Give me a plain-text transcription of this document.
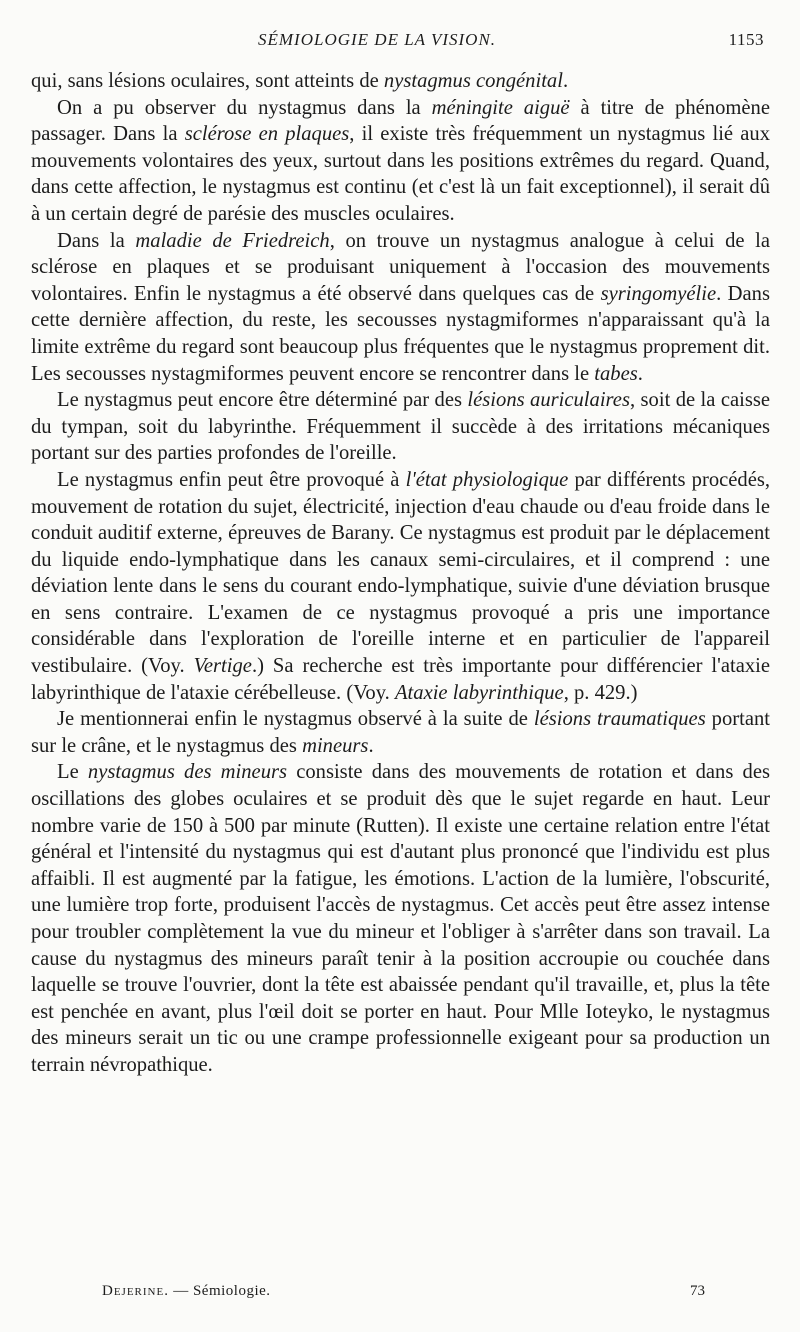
SÉMIOLOGIE DE LA VISION.	1153

qui, sans lésions oculaires, sont atteints de nystagmus congénital.

On a pu observer du nystagmus dans la méningite aiguë à titre de phénomène passager. Dans la sclérose en plaques, il existe très fréquemment un nystagmus lié aux mouvements volontaires des yeux, surtout dans les positions extrêmes du regard. Quand, dans cette affection, le nystagmus est continu (et c'est là un fait exceptionnel), il serait dû à un certain degré de parésie des muscles oculaires.

Dans la maladie de Friedreich, on trouve un nystagmus analogue à celui de la sclérose en plaques et se produisant uniquement à l'occasion des mouvements volontaires. Enfin le nystagmus a été observé dans quelques cas de syringomyélie. Dans cette dernière affection, du reste, les secousses nystagmiformes n'apparaissant qu'à la limite extrême du regard sont beaucoup plus fréquentes que le nystagmus proprement dit. Les secousses nystagmiformes peuvent encore se rencontrer dans le tabes.

Le nystagmus peut encore être déterminé par des lésions auriculaires, soit de la caisse du tympan, soit du labyrinthe. Fréquemment il succède à des irritations mécaniques portant sur des parties profondes de l'oreille.

Le nystagmus enfin peut être provoqué à l'état physiologique par différents procédés, mouvement de rotation du sujet, électricité, injection d'eau chaude ou d'eau froide dans le conduit auditif externe, épreuves de Barany. Ce nystagmus est produit par le déplacement du liquide endo-lymphatique dans les canaux semi-circulaires, et il comprend : une déviation lente dans le sens du courant endo-lymphatique, suivie d'une déviation brusque en sens contraire. L'examen de ce nystagmus provoqué a pris une importance considérable dans l'exploration de l'oreille interne et en particulier de l'appareil vestibulaire. (Voy. Vertige.) Sa recherche est très importante pour différencier l'ataxie labyrinthique de l'ataxie cérébelleuse. (Voy. Ataxie labyrinthique, p. 429.)

Je mentionnerai enfin le nystagmus observé à la suite de lésions traumatiques portant sur le crâne, et le nystagmus des mineurs.

Le nystagmus des mineurs consiste dans des mouvements de rotation et dans des oscillations des globes oculaires et se produit dès que le sujet regarde en haut. Leur nombre varie de 150 à 500 par minute (Rutten). Il existe une certaine relation entre l'état général et l'intensité du nystagmus qui est d'autant plus prononcé que l'individu est plus affaibli. Il est augmenté par la fatigue, les émotions. L'action de la lumière, l'obscurité, une lumière trop forte, produisent l'accès de nystagmus. Cet accès peut être assez intense pour troubler complètement la vue du mineur et l'obliger à s'arrêter dans son travail. La cause du nystagmus des mineurs paraît tenir à la position accroupie ou couchée dans laquelle se trouve l'ouvrier, dont la tête est abaissée pendant qu'il travaille, et, plus la tête est penchée en avant, plus l'œil doit se porter en haut. Pour Mlle Ioteyko, le nystagmus des mineurs serait un tic ou une crampe professionnelle exigeant pour sa production un terrain névropathique.

Dejerine. — Sémiologie.	73
